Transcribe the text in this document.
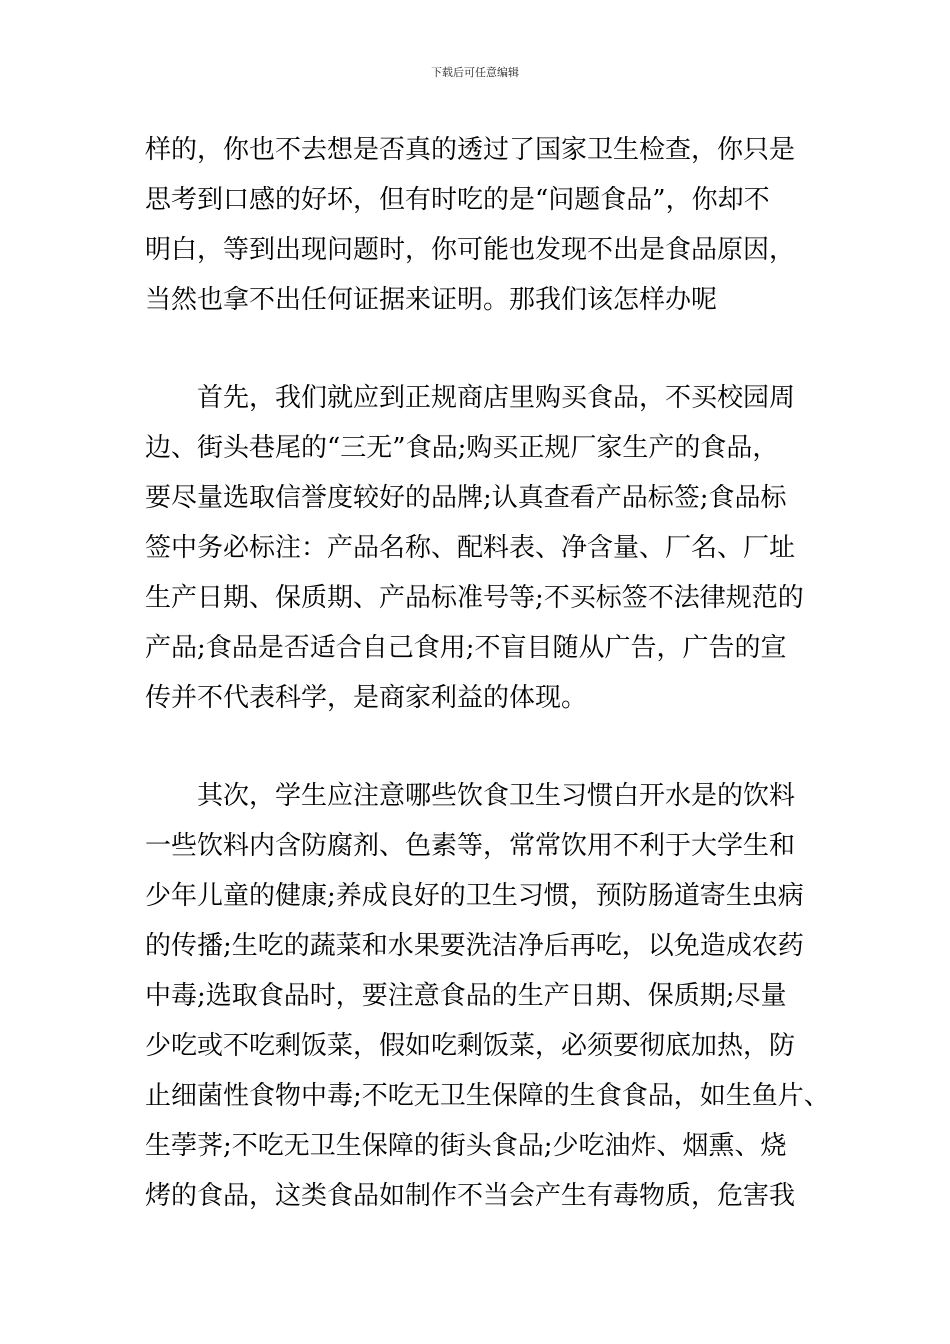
下载后可任意编辑
样的，你也不去想是否真的透过了国家卫生检查，你只是
思考到口感的好坏，但有时吃的是“问题食品”，你却不
明白，等到出现问题时，你可能也发现不出是食品原因，
当然也拿不出任何证据来证明。那我们该怎样办呢
　　首先，我们就应到正规商店里购买食品，不买校园周
边、街头巷尾的“三无”食品;购买正规厂家生产的食品，
要尽量选取信誉度较好的品牌;认真查看产品标签;食品标
签中务必标注：产品名称、配料表、净含量、厂名、厂址
生产日期、保质期、产品标准号等;不买标签不法律规范的
产品;食品是否适合自己食用;不盲目随从广告，广告的宣
传并不代表科学，是商家利益的体现。
　　其次，学生应注意哪些饮食卫生习惯白开水是的饮料
一些饮料内含防腐剂、色素等，常常饮用不利于大学生和
少年儿童的健康;养成良好的卫生习惯，预防肠道寄生虫病
的传播;生吃的蔬菜和水果要洗洁净后再吃，以免造成农药
中毒;选取食品时，要注意食品的生产日期、保质期;尽量
少吃或不吃剩饭菜，假如吃剩饭菜，必须要彻底加热，防
止细菌性食物中毒;不吃无卫生保障的生食食品，如生鱼片、
生荸荠;不吃无卫生保障的街头食品;少吃油炸、烟熏、烧
烤的食品，这类食品如制作不当会产生有毒物质，危害我
